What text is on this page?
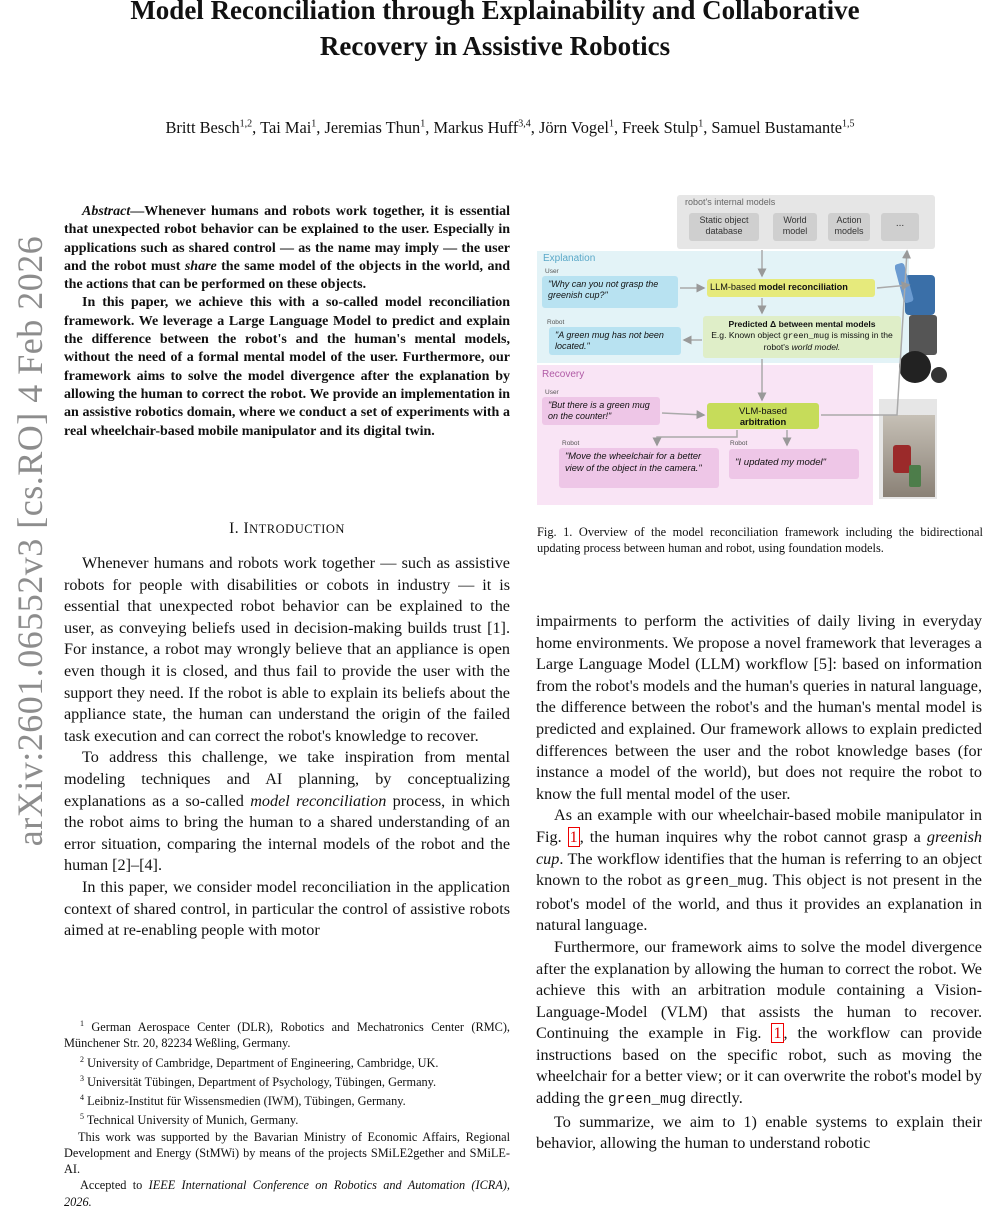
Model Reconciliation through Explainability and Collaborative
Recovery in Assistive Robotics
Britt Besch$^{1,2}$, Tai Mai$^1$, Jeremias Thun$^1$, Markus Huff$^{3,4}$, Jörn Vogel$^1$, Freek Stulp$^1$, Samuel Bustamante$^{1,5}$
arXiv:2601.06552v3 [cs.RO] 4 Feb 2026

Abstract—Whenever humans and robots work together, it is essential that unexpected robot behavior can be explained to the user. Especially in applications such as shared control — as the name may imply — the user and the robot must share the same model of the objects in the world, and the actions that can be performed on these objects.

In this paper, we achieve this with a so-called model reconciliation framework. We leverage a Large Language Model to predict and explain the difference between the robot's and the human's mental models, without the need of a formal mental model of the user. Furthermore, our framework aims to solve the model divergence after the explanation by allowing the human to correct the robot. We provide an implementation in an assistive robotics domain, where we conduct a set of experiments with a real wheelchair-based mobile manipulator and its digital twin.

I. INTRODUCTION

Whenever humans and robots work together — such as assistive robots for people with disabilities or cobots in industry — it is essential that unexpected robot behavior can be explained to the user, as conveying beliefs used in decision-making builds trust [1]. For instance, a robot may wrongly believe that an appliance is open even though it is closed, and thus fail to provide the user with the support they need. If the robot is able to explain its beliefs about the appliance state, the human can understand the origin of the failed task execution and can correct the robot's knowledge to recover.

To address this challenge, we take inspiration from mental modeling techniques and AI planning, by conceptualizing explanations as a so-called model reconciliation process, in which the robot aims to bring the human to a shared understanding of an error situation, comparing the internal models of the robot and the human [2]–[4].

In this paper, we consider model reconciliation in the application context of shared control, in particular the control of assistive robots aimed at re-enabling people with motor

$^1$ German Aerospace Center (DLR), Robotics and Mechatronics Center (RMC), Münchener Str. 20, 82234 Weßling, Germany.

$^2$ University of Cambridge, Department of Engineering, Cambridge, UK.

$^3$ Universität Tübingen, Department of Psychology, Tübingen, Germany.

$^4$ Leibniz-Institut für Wissensmedien (IWM), Tübingen, Germany.

$^5$ Technical University of Munich, Germany.

This work was supported by the Bavarian Ministry of Economic Affairs, Regional Development and Energy (StMWi) by means of the projects SMiLE2gether and SMiLE-AI.

Accepted to IEEE International Conference on Robotics and Automation (ICRA), 2026.

robot's internal models
Static object database
World model
Action models
...
Explanation
User
"Why can you not grasp the greenish cup?"
LLM-based model reconciliation
Robot
"A green mug has not been located."
Predicted Δ between mental models
E.g. Known object green_mug is missing in the robot's world model.
Recovery
User
"But there is a green mug on the counter!"	VLM-based
arbitration
Robot
"Move the wheelchair for a better view of the object in the camera."
Robot
"I updated my model"
Fig. 1. Overview of the model reconciliation framework including the bidirectional updating process between human and robot, using foundation models.

impairments to perform the activities of daily living in everyday home environments. We propose a novel framework that leverages a Large Language Model (LLM) workflow [5]: based on information from the robot's models and the human's queries in natural language, the difference between the robot's and the human's mental model is predicted and explained. Our framework allows to explain predicted differences between the user and the robot knowledge bases (for instance a model of the world), but does not require the robot to know the full mental model of the user.

As an example with our wheelchair-based mobile manipulator in Fig. 1 , the human inquires why the robot cannot grasp a greenish cup. The workflow identifies that the human is referring to an object known to the robot as green_mug. This object is not present in the robot's model of the world, and thus it provides an explanation in natural language.

Furthermore, our framework aims to solve the model divergence after the explanation by allowing the human to correct the robot. We achieve this with an arbitration module containing a Vision-Language-Model (VLM) that assists the human to recover. Continuing the example in Fig. 1 , the workflow can provide instructions based on the specific robot, such as moving the wheelchair for a better view; or it can overwrite the robot's model by adding the green_mug directly.

To summarize, we aim to 1) enable systems to explain their behavior, allowing the human to understand robotic
